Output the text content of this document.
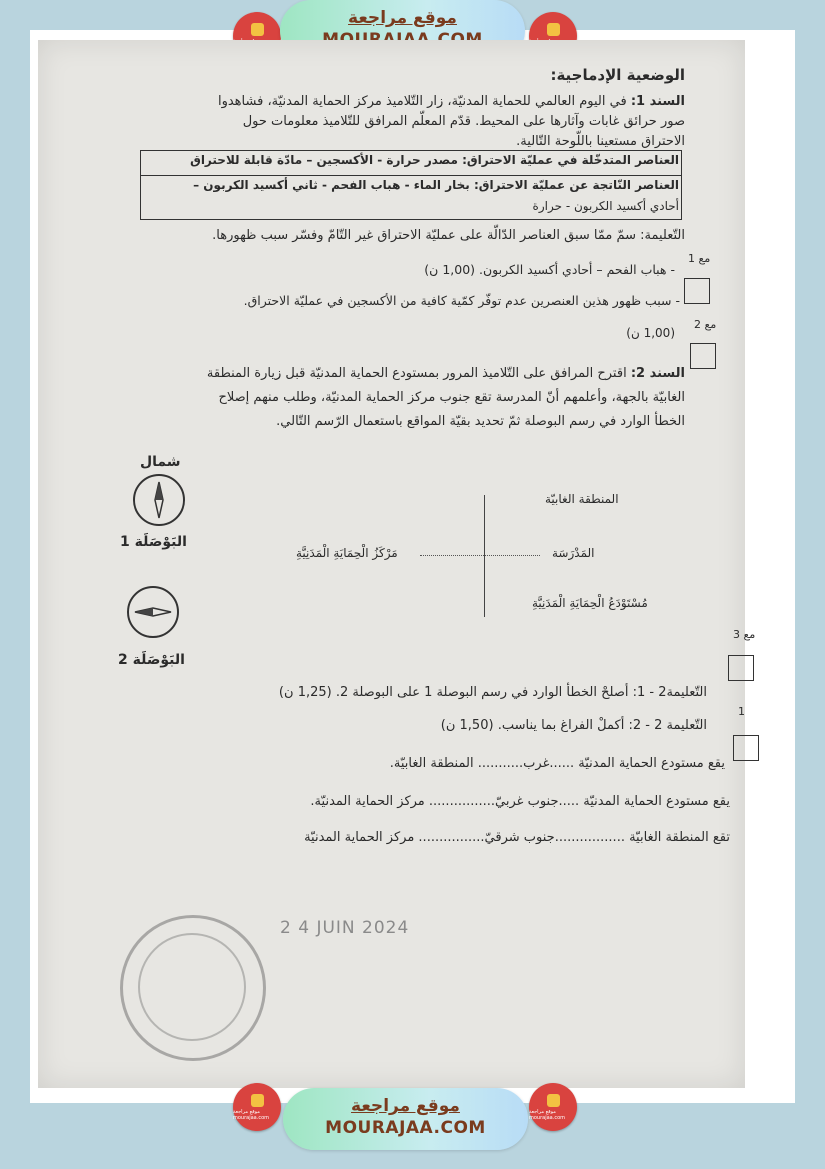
موقع مراجعة
الوضعية الإدماجية:
السند 1: في اليوم العالمي للحماية المدنيّة، زار التّلاميذ مركز الحماية المدنيّة، فشاهدوا
صور حرائق غابات وآثارها على المحيط. قدّم المعلّم المرافق للتّلاميذ معلومات حول
الاحتراق مستعينا باللّوحة التّالية.
العناصر المتدخّلة في عمليّة الاحتراق: مصدر حرارة - الأكسجين – مادّة قابلة للاحتراق
العناصر النّاتجة عن عمليّة الاحتراق: بخار الماء - هباب الفحم - ثاني أكسيد الكربون –
أحادي أكسيد الكربون - حرارة
التّعليمة: سمّ ممّا سبق العناصر الدّالّة على عمليّة الاحتراق غير التّامّ وفسّر سبب ظهورها.
- هباب الفحم – أحادي أكسيد الكربون. (1,00 ن)
- سبب ظهور هذين العنصرين عدم توفّر كمّية كافية من الأكسجين في عمليّة الاحتراق.
(1,00 ن)
مع 1
مع 2
السند 2: اقترح المرافق على التّلاميذ المرور بمستودع الحماية المدنيّة قبل زيارة المنطقة
الغابيّة بالجهة، وأعلمهم أنّ المدرسة تقع جنوب مركز الحماية المدنيّة، وطلب منهم إصلاح
الخطأ الوارد في رسم البوصلة ثمّ تحديد بقيّة المواقع باستعمال الرّسم التّالي.
شمال
البَوْصَلَة 1
البَوْصَلَة 2
المنطقة الغابيّة
المَدْرَسَة
مُسْتَوْدَعُ الْحِمَايَةِ الْمَدَنِيَّةِ
مَرْكَزُ الْحِمَايَةِ الْمَدَنِيَّةِ
مع 3
1
التّعليمة2 - 1: أصلحْ الخطأ الوارد في رسم البوصلة 1 على البوصلة 2. (1,25 ن)
التّعليمة 2 - 2: أكملْ الفراغ بما يناسب. (1,50 ن)
يقع مستودع الحماية المدنيّة ......غرب........... المنطقة الغابيّة.
يقع مستودع الحماية المدنيّة .....جنوب غربيّ................ مركز الحماية المدنيّة.
تقع المنطقة الغابيّة .................جنوب شرقيّ................ مركز الحماية المدنيّة
2 4 JUIN 2024
موقع مراجعة mourajaa.com
موقع مراجعة
MOURAJAA.COM
موقع مراجعة mourajaa.com
